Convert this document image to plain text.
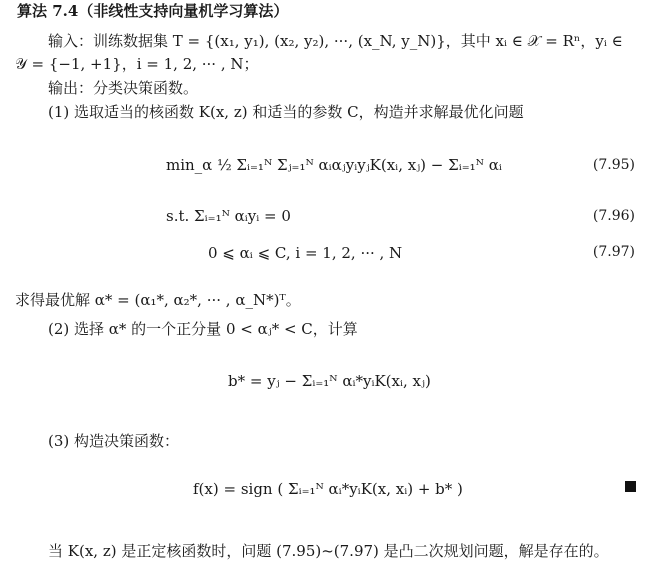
算法 7.4（非线性支持向量机学习算法）
输入：训练数据集 T = {(x₁, y₁), (x₂, y₂), ···, (x_N, y_N)}，其中 xᵢ ∈ 𝒳 = Rⁿ，yᵢ ∈
𝒴 = {−1, +1}，i = 1, 2, ··· , N；
输出：分类决策函数。
(1) 选取适当的核函数 K(x, z) 和适当的参数 C，构造并求解最优化问题
min_α ½ Σᵢ₌₁ᴺ Σⱼ₌₁ᴺ αᵢαⱼyᵢyⱼK(xᵢ, xⱼ) − Σᵢ₌₁ᴺ αᵢ	(7.95)
s.t. Σᵢ₌₁ᴺ αᵢyᵢ = 0	(7.96)
0 ⩽ αᵢ ⩽ C, i = 1, 2, ··· , N	(7.97)
求得最优解 α* = (α₁*, α₂*, ··· , α_N*)ᵀ。
(2) 选择 α* 的一个正分量 0 < αⱼ* < C，计算
b* = yⱼ − Σᵢ₌₁ᴺ αᵢ*yᵢK(xᵢ, xⱼ)
(3) 构造决策函数：
f(x) = sign ( Σᵢ₌₁ᴺ αᵢ*yᵢK(x, xᵢ) + b* )
当 K(x, z) 是正定核函数时，问题 (7.95)~(7.97) 是凸二次规划问题，解是存在的。
